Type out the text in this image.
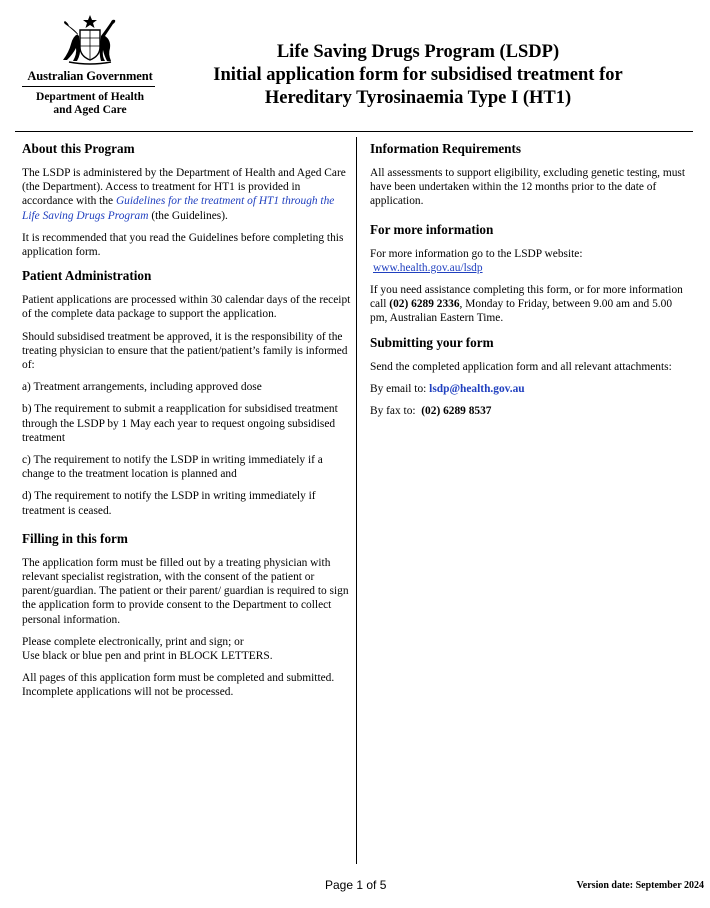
Australian Government
Department of Health
and Aged Care
Life Saving Drugs Program (LSDP)
Initial application form for subsidised treatment for
Hereditary Tyrosinaemia Type I (HT1)
About this Program

The LSDP is administered by the Department of Health and Aged Care (the Department). Access to treatment for HT1 is provided in accordance with the Guidelines for the treatment of HT1 through the Life Saving Drugs Program (the Guidelines).

It is recommended that you read the Guidelines before completing this application form.

Patient Administration

Patient applications are processed within 30 calendar days of the receipt of the complete data package to support the application.

Should subsidised treatment be approved, it is the responsibility of the treating physician to ensure that the patient/patient’s family is informed of:

a) Treatment arrangements, including approved dose

b) The requirement to submit a reapplication for subsidised treatment through the LSDP by 1 May each year to request ongoing subsidised treatment

c) The requirement to notify the LSDP in writing immediately if a change to the treatment location is planned and

d) The requirement to notify the LSDP in writing immediately if treatment is ceased.

Filling in this form

The application form must be filled out by a treating physician with relevant specialist registration, with the consent of the patient or parent/guardian. The patient or their parent/ guardian is required to sign the application form to provide consent to the Department to collect personal information.

Please complete electronically, print and sign; or
Use black or blue pen and print in BLOCK LETTERS.

All pages of this application form must be completed and submitted. Incomplete applications will not be processed.

Information Requirements

All assessments to support eligibility, excluding genetic testing, must have been undertaken within the 12 months prior to the date of application.

For more information

For more information go to the LSDP website:
www.health.gov.au/lsdp

If you need assistance completing this form, or for more information call (02) 6289 2336, Monday to Friday, between 9.00 am and 5.00 pm, Australian Eastern Time.

Submitting your form

Send the completed application form and all relevant attachments:

By email to: lsdp@health.gov.au

By fax to:  (02) 6289 8537

Page 1 of 5	Version date: September 2024
